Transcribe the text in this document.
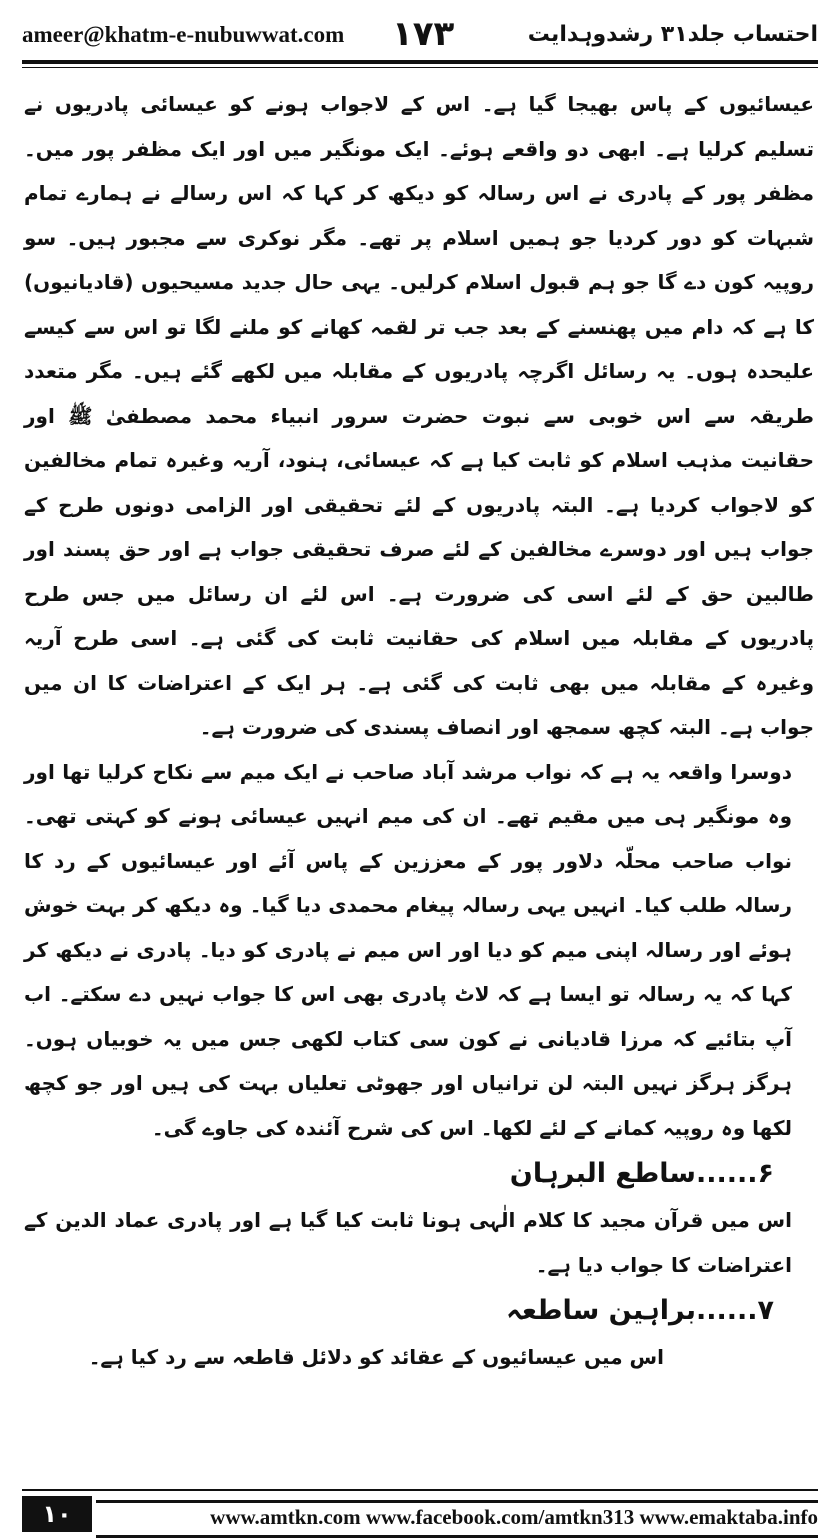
ameer@khatm-e-nubuwwat.com ۱۷۳	احتساب جلد۳۱ رشدوہدایت

عیسائیوں کے پاس بھیجا گیا ہے۔ اس کے لاجواب ہونے کو عیسائی پادریوں نے تسلیم کرلیا ہے۔ ابھی دو واقعے ہوئے۔ ایک مونگیر میں اور ایک مظفر پور میں۔ مظفر پور کے پادری نے اس رسالہ کو دیکھ کر کہا کہ اس رسالے نے ہمارے تمام شبہات کو دور کردیا جو ہمیں اسلام پر تھے۔ مگر نوکری سے مجبور ہیں۔ سو روپیہ کون دے گا جو ہم قبول اسلام کرلیں۔ یہی حال جدید مسیحیوں (قادیانیوں) کا ہے کہ دام میں پھنسنے کے بعد جب تر لقمہ کھانے کو ملنے لگا تو اس سے کیسے علیحدہ ہوں۔ یہ رسائل اگرچہ پادریوں کے مقابلہ میں لکھے گئے ہیں۔ مگر متعدد طریقہ سے اس خوبی سے نبوت حضرت سرور انبیاء محمد مصطفیٰ ﷺ اور حقانیت مذہب اسلام کو ثابت کیا ہے کہ عیسائی، ہنود، آریہ وغیرہ تمام مخالفین کو لاجواب کردیا ہے۔ البتہ پادریوں کے لئے تحقیقی اور الزامی دونوں طرح کے جواب ہیں اور دوسرے مخالفین کے لئے صرف تحقیقی جواب ہے اور حق پسند اور طالبین حق کے لئے اسی کی ضرورت ہے۔ اس لئے ان رسائل میں جس طرح پادریوں کے مقابلہ میں اسلام کی حقانیت ثابت کی گئی ہے۔ اسی طرح آریہ وغیرہ کے مقابلہ میں بھی ثابت کی گئی ہے۔ ہر ایک کے اعتراضات کا ان میں جواب ہے۔ البتہ کچھ سمجھ اور انصاف پسندی کی ضرورت ہے۔

دوسرا واقعہ یہ ہے کہ نواب مرشد آباد صاحب نے ایک میم سے نکاح کرلیا تھا اور وہ مونگیر ہی میں مقیم تھے۔ ان کی میم انہیں عیسائی ہونے کو کہتی تھی۔ نواب صاحب محلّہ دلاور پور کے معززین کے پاس آئے اور عیسائیوں کے رد کا رسالہ طلب کیا۔ انہیں یہی رسالہ پیغام محمدی دیا گیا۔ وہ دیکھ کر بہت خوش ہوئے اور رسالہ اپنی میم کو دیا اور اس میم نے پادری کو دیا۔ پادری نے دیکھ کر کہا کہ یہ رسالہ تو ایسا ہے کہ لاٹ پادری بھی اس کا جواب نہیں دے سکتے۔ اب آپ بتائیے کہ مرزا قادیانی نے کون سی کتاب لکھی جس میں یہ خوبیاں ہوں۔ ہرگز ہرگز نہیں البتہ لن ترانیاں اور جھوٹی تعلیاں بہت کی ہیں اور جو کچھ لکھا وہ روپیہ کمانے کے لئے لکھا۔ اس کی شرح آئندہ کی جاوے گی۔

۶......ساطع البرہان

اس میں قرآن مجید کا کلام الٰہی ہونا ثابت کیا گیا ہے اور پادری عماد الدین کے اعتراضات کا جواب دیا ہے۔

۷......براہین ساطعہ

اس میں عیسائیوں کے عقائد کو دلائل قاطعہ سے رد کیا ہے۔

۱۰	www.amtkn.com www.facebook.com/amtkn313 www.emaktaba.info
